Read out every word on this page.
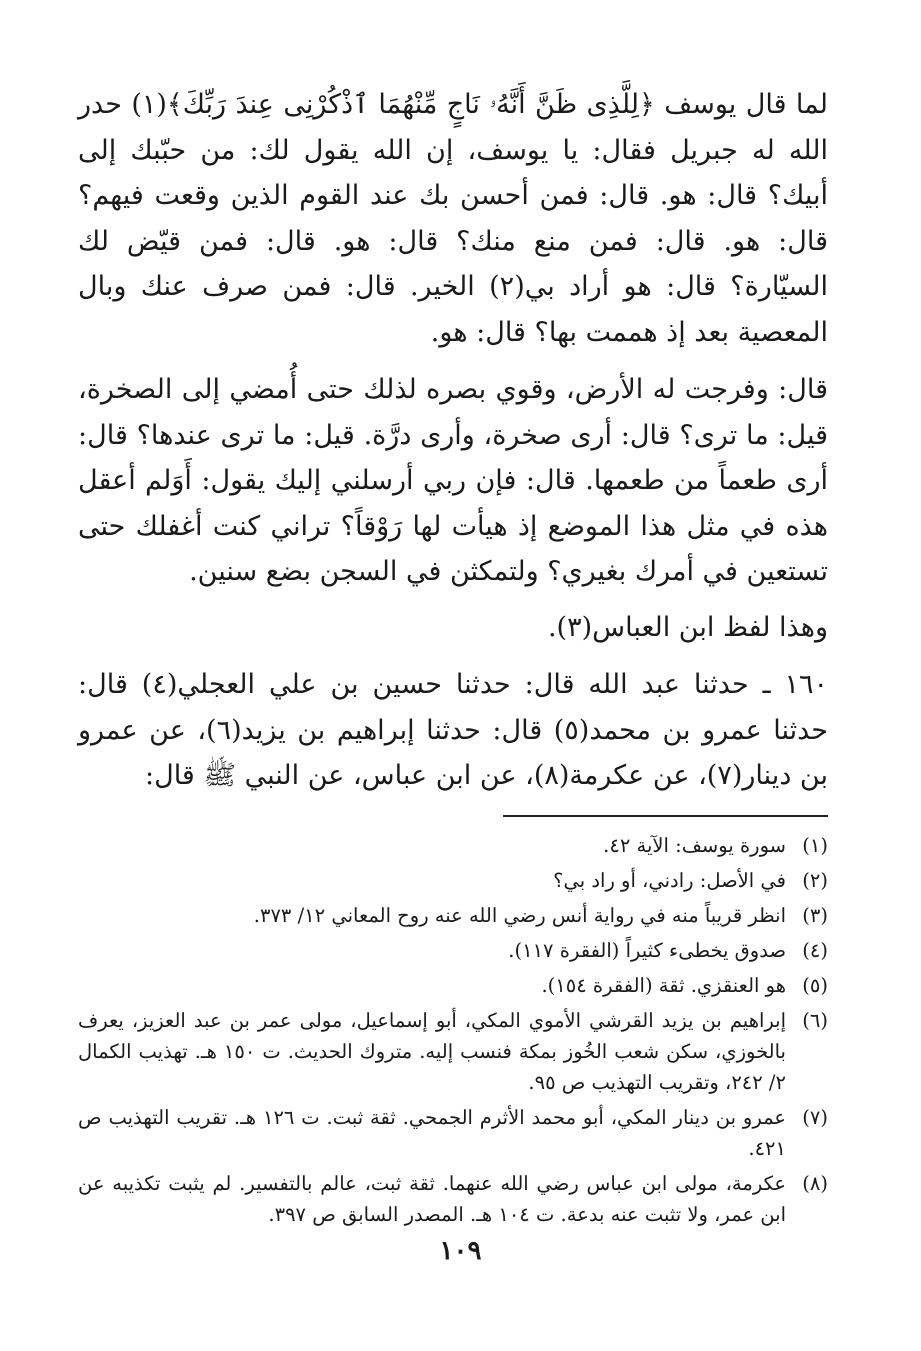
لما قال يوسف ﴿لِلَّذِى ظَنَّ أَنَّهُۥ نَاجٍ مِّنْهُمَا ٱذْكُرْنِى عِندَ رَبِّكَ﴾(١) حدر الله له جبريل فقال: يا يوسف، إن الله يقول لك: من حبّبك إلى أبيك؟ قال: هو. قال: فمن أحسن بك عند القوم الذين وقعت فيهم؟ قال: هو. قال: فمن منع منك؟ قال: هو. قال: فمن قيّض لك السيّارة؟ قال: هو أراد بي(٢) الخير. قال: فمن صرف عنك وبال المعصية بعد إذ هممت بها؟ قال: هو.

قال: وفرجت له الأرض، وقوي بصره لذلك حتى أُمضي إلى الصخرة، قيل: ما ترى؟ قال: أرى صخرة، وأرى درَّة. قيل: ما ترى عندها؟ قال: أرى طعماً من طعمها. قال: فإن ربي أرسلني إليك يقول: أَوَلم أعقل هذه في مثل هذا الموضع إذ هيأت لها رَوْقاً؟ تراني كنت أغفلك حتى تستعين في أمرك بغيري؟ ولتمكثن في السجن بضع سنين.

وهذا لفظ ابن العباس(٣).

١٦٠ ـ حدثنا عبد الله قال: حدثنا حسين بن علي العجلي(٤) قال: حدثنا عمرو بن محمد(٥) قال: حدثنا إبراهيم بن يزيد(٦)، عن عمرو بن دينار(٧)، عن عكرمة(٨)، عن ابن عباس، عن النبي ﷺ قال:

(١)
سورة يوسف: الآية ٤٢.
(٢)
في الأصل: رادني، أو راد بي؟
(٣)
انظر قريباً منه في رواية أنس رضي الله عنه روح المعاني ١٢/ ٣٧٣.
(٤)
صدوق يخطىء كثيراً (الفقرة ١١٧).
(٥)
هو العنقزي. ثقة (الفقرة ١٥٤).
(٦)
إبراهيم بن يزيد القرشي الأموي المكي، أبو إسماعيل، مولى عمر بن عبد العزيز، يعرف بالخوزي، سكن شعب الخُوز بمكة فنسب إليه. متروك الحديث. ت ١٥٠ هـ. تهذيب الكمال ٢/ ٢٤٢، وتقريب التهذيب ص ٩٥.
(٧)
عمرو بن دينار المكي، أبو محمد الأثرم الجمحي. ثقة ثبت. ت ١٢٦ هـ. تقريب التهذيب ص ٤٢١.
(٨)
عكرمة، مولى ابن عباس رضي الله عنهما. ثقة ثبت، عالم بالتفسير. لم يثبت تكذيبه عن ابن عمر، ولا تثبت عنه بدعة. ت ١٠٤ هـ. المصدر السابق ص ٣٩٧.
١٠٩
